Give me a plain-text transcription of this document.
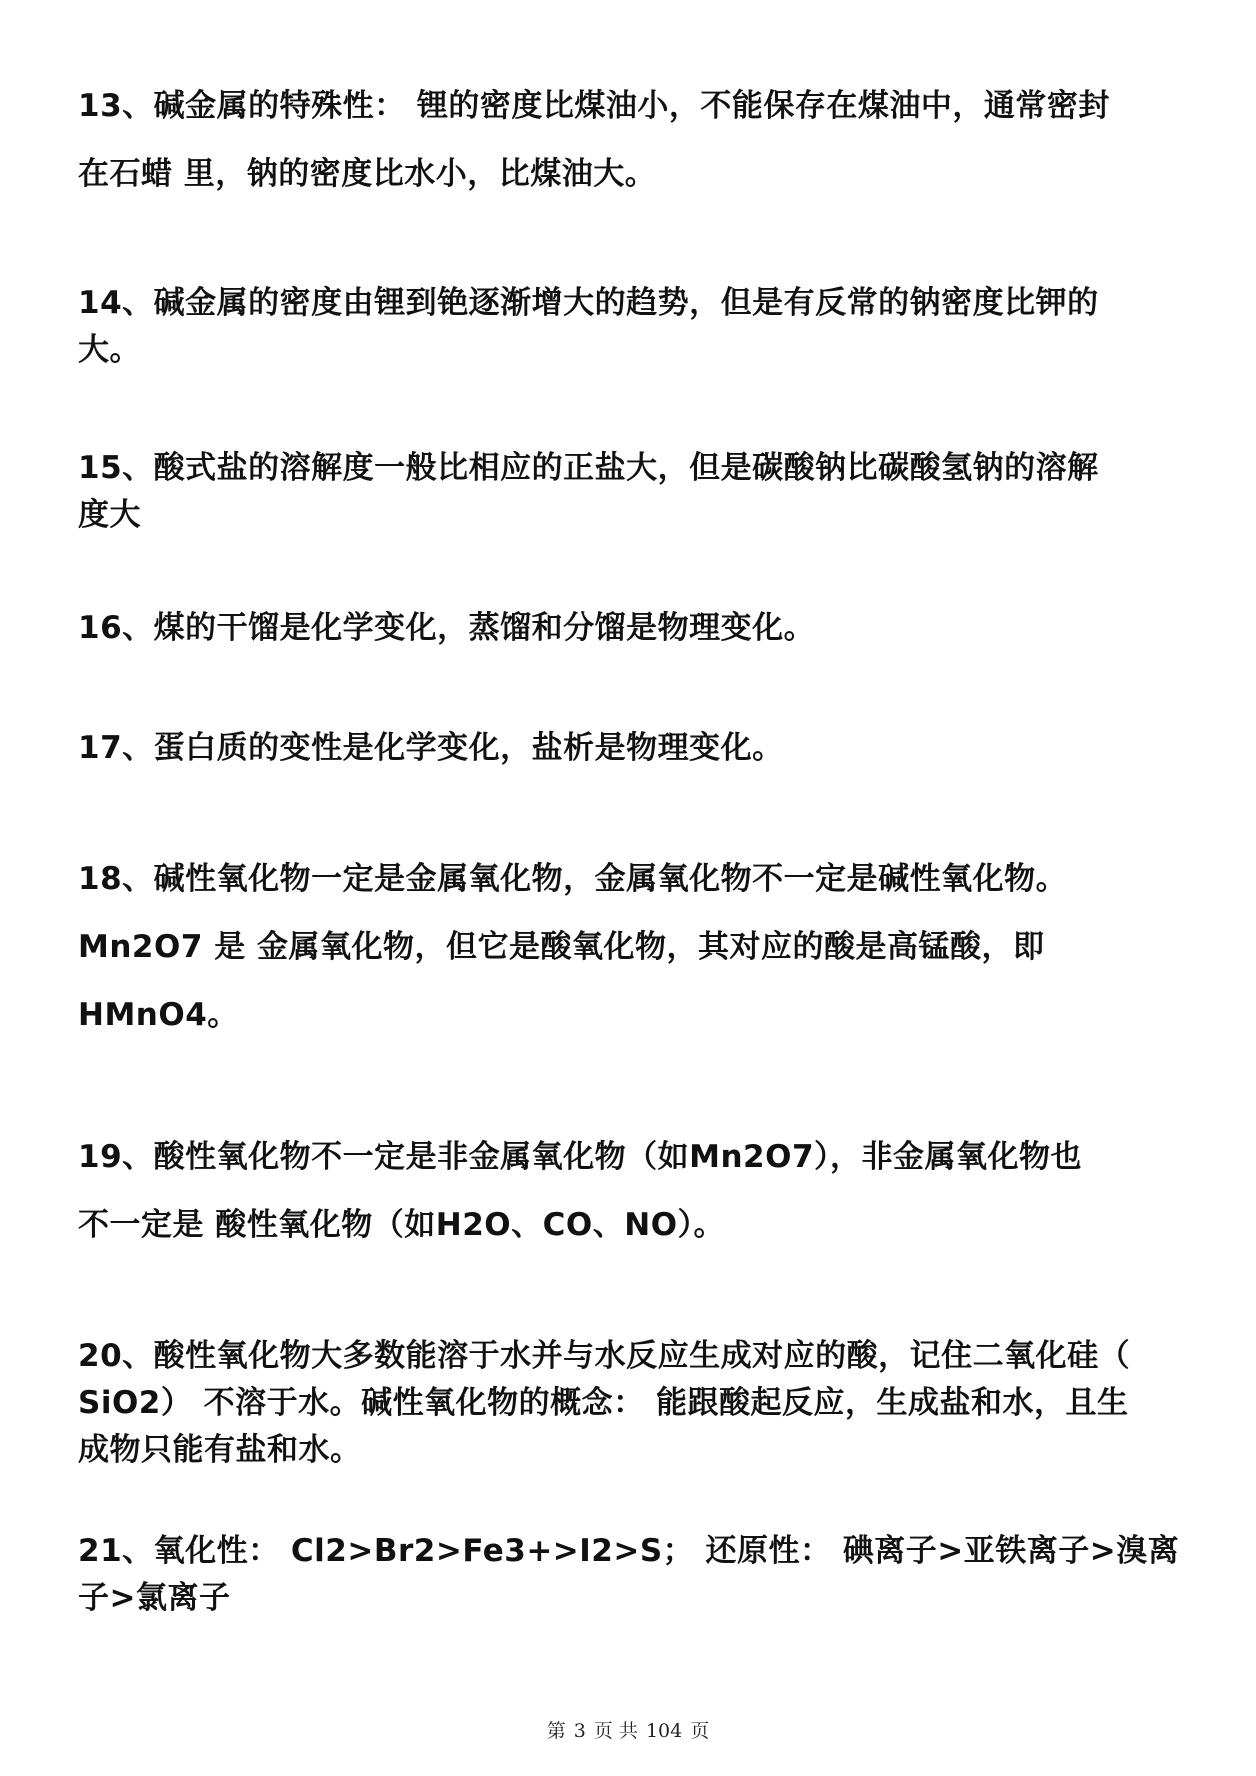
13、碱金属的特殊性： 锂的密度比煤油小，不能保存在煤油中，通常密封
在石蜡 里，钠的密度比水小，比煤油大。
14、碱金属的密度由锂到铯逐渐增大的趋势，但是有反常的钠密度比钾的
大。
15、酸式盐的溶解度一般比相应的正盐大，但是碳酸钠比碳酸氢钠的溶解
度大
16、煤的干馏是化学变化，蒸馏和分馏是物理变化。
17、蛋白质的变性是化学变化，盐析是物理变化。
18、碱性氧化物一定是金属氧化物，金属氧化物不一定是碱性氧化物。
Mn2O7 是 金属氧化物，但它是酸氧化物，其对应的酸是高锰酸，即
HMnO4。
19、酸性氧化物不一定是非金属氧化物（如Mn2O7），非金属氧化物也
不一定是 酸性氧化物（如H2O、CO、NO）。
20、酸性氧化物大多数能溶于水并与水反应生成对应的酸，记住二氧化硅（
SiO2） 不溶于水。碱性氧化物的概念： 能跟酸起反应，生成盐和水，且生
成物只能有盐和水。
21、氧化性： Cl2>Br2>Fe3+>I2>S； 还原性： 碘离子>亚铁离子>溴离
子>氯离子
第 3 页 共 104 页
